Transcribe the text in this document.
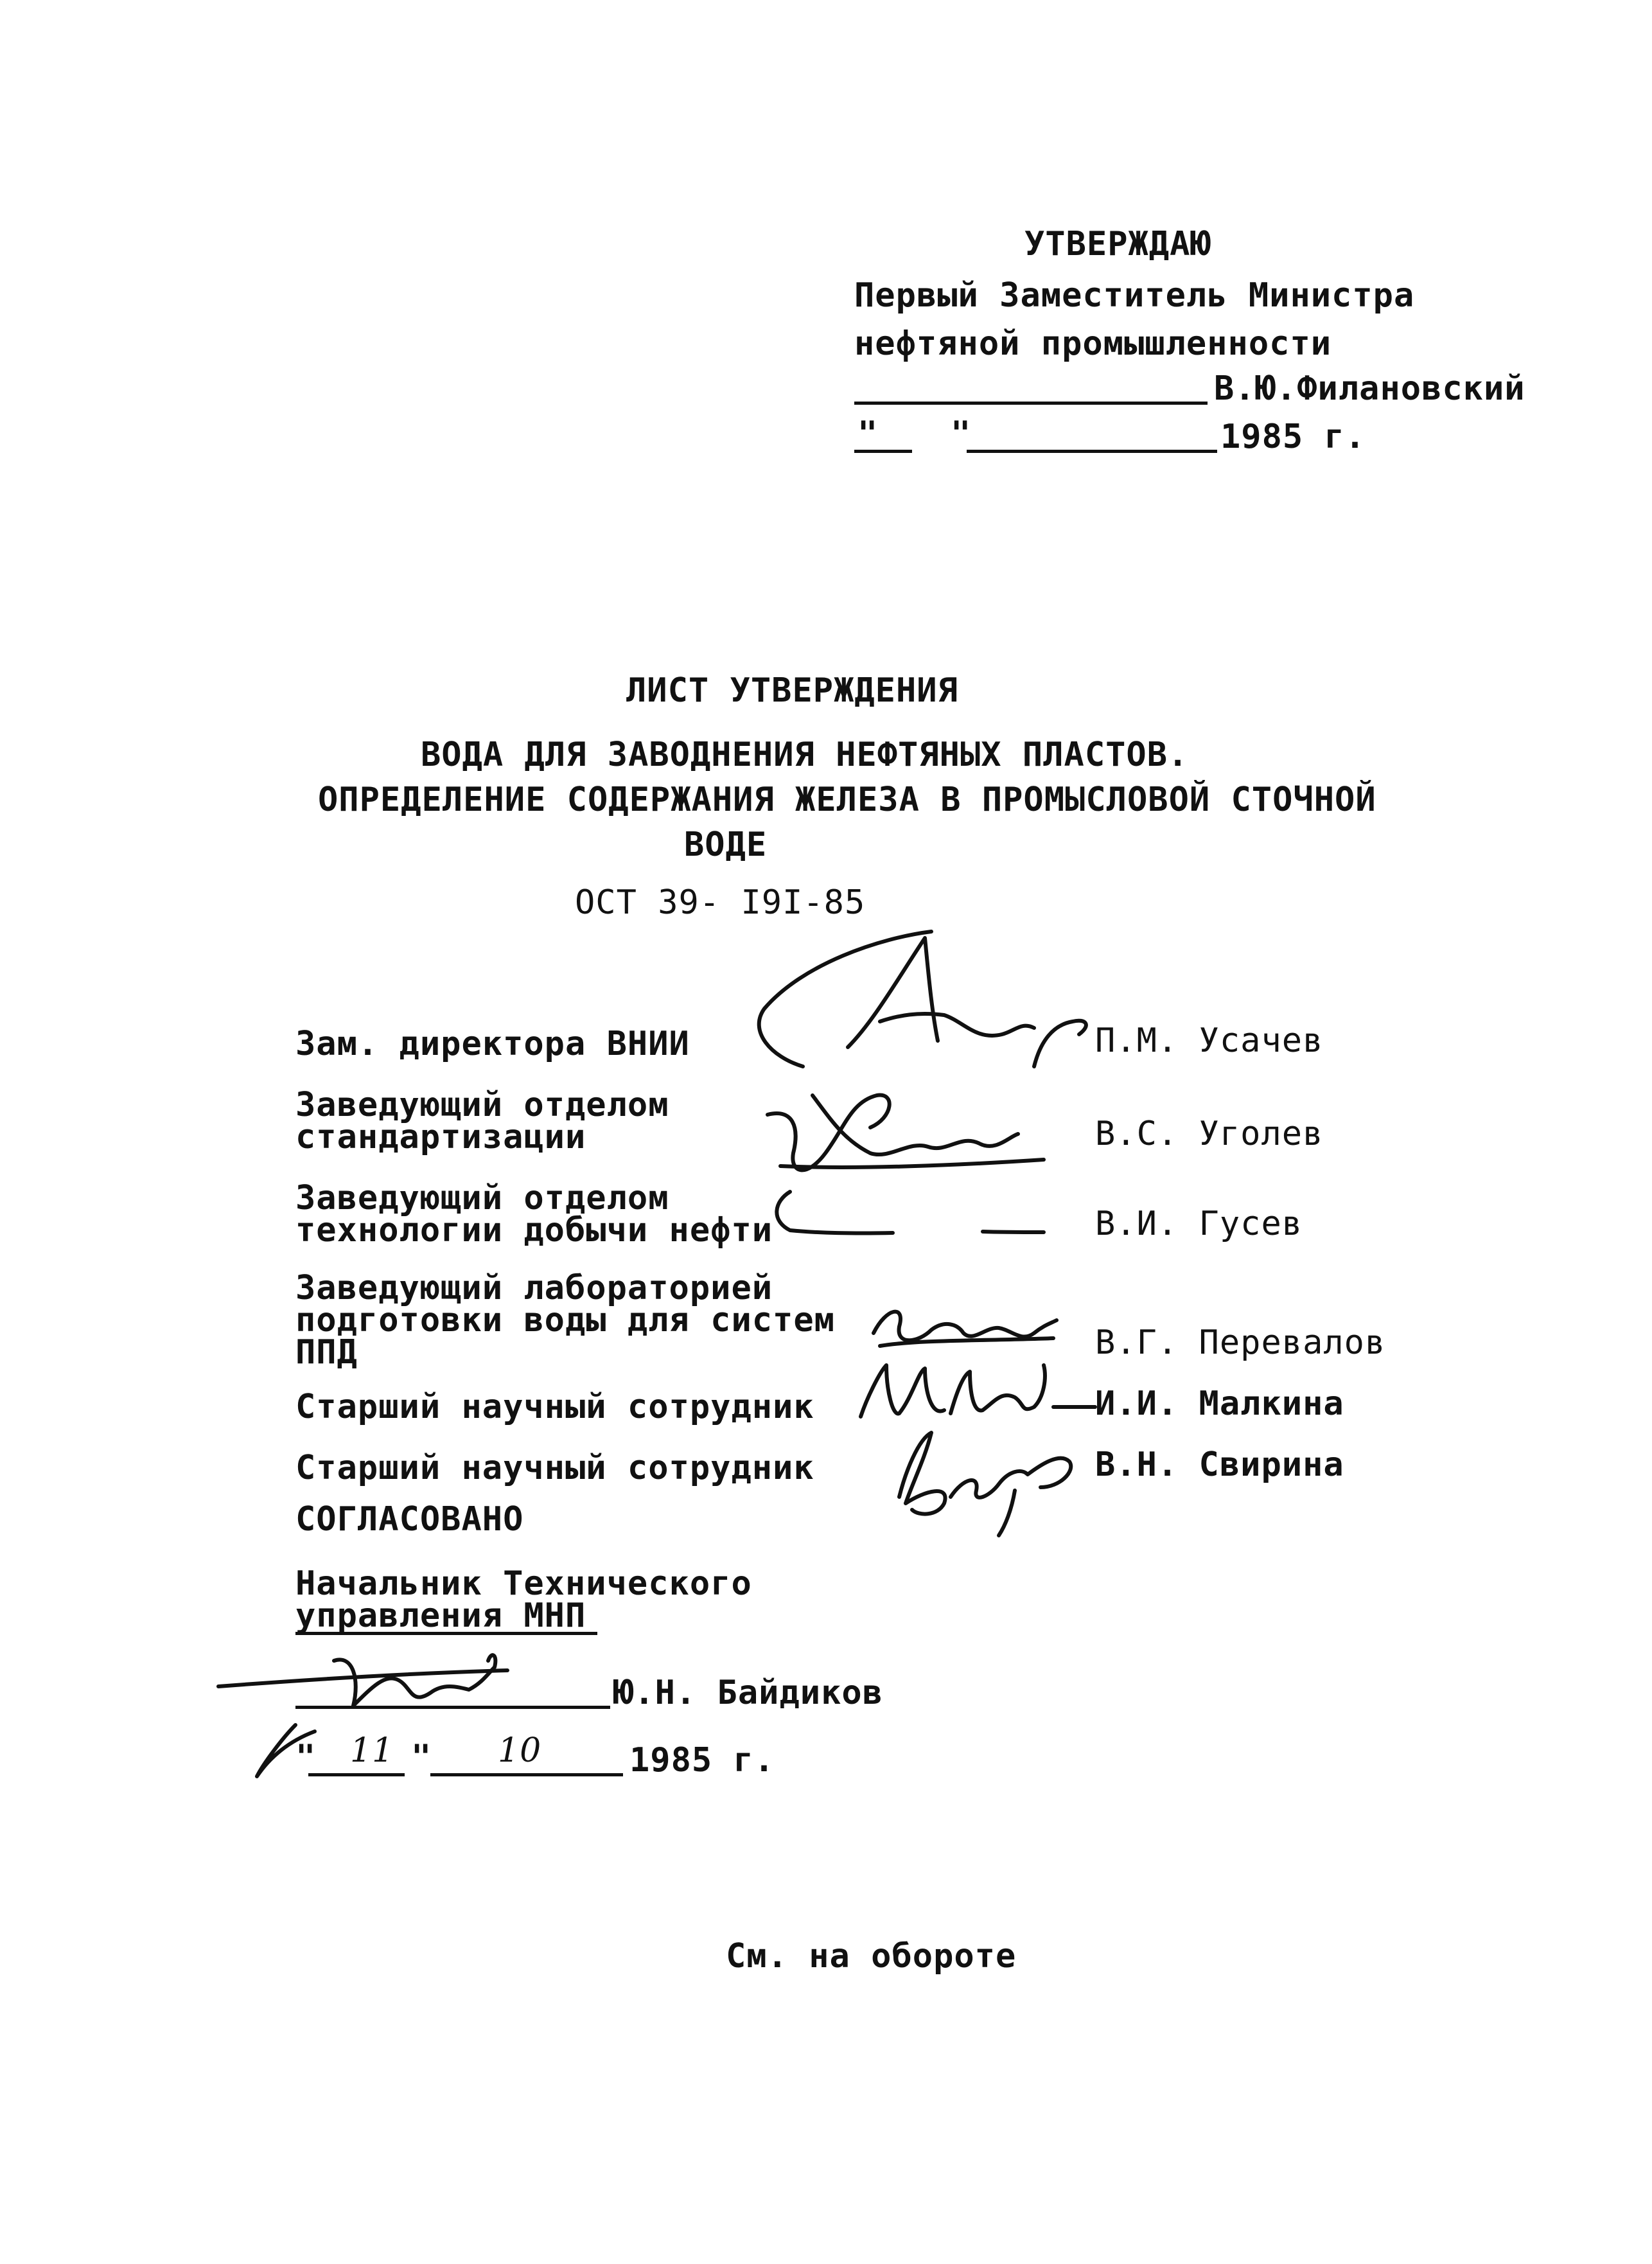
УТВЕРЖДАЮ
Первый Заместитель Министра
нефтяной промышленности
В.Ю.Филановский
" "	1985 г.
ЛИСТ УТВЕРЖДЕНИЯ
ВОДА ДЛЯ ЗАВОДНЕНИЯ НЕФТЯНЫХ ПЛАСТОВ.
ОПРЕДЕЛЕНИЕ СОДЕРЖАНИЯ ЖЕЛЕЗА В ПРОМЫСЛОВОЙ СТОЧНОЙ
ВОДЕ
ОСТ 39- I9I-85
Зам. директора ВНИИ	П.М. Усачев
Заведующий отделом
стандартизации	В.С. Уголев
Заведующий отделом
технологии добычи нефти	В.И. Гусев
Заведующий лабораторией
подготовки воды для систем
ППД	В.Г. Перевалов
Старший научный сотрудник	И.И. Малкина
Старший научный сотрудник	В.Н. Свирина
СОГЛАСОВАНО
Начальник Технического
управления МНП
Ю.Н. Байдиков
" 11 " 10	1985 г.
См. на обороте
